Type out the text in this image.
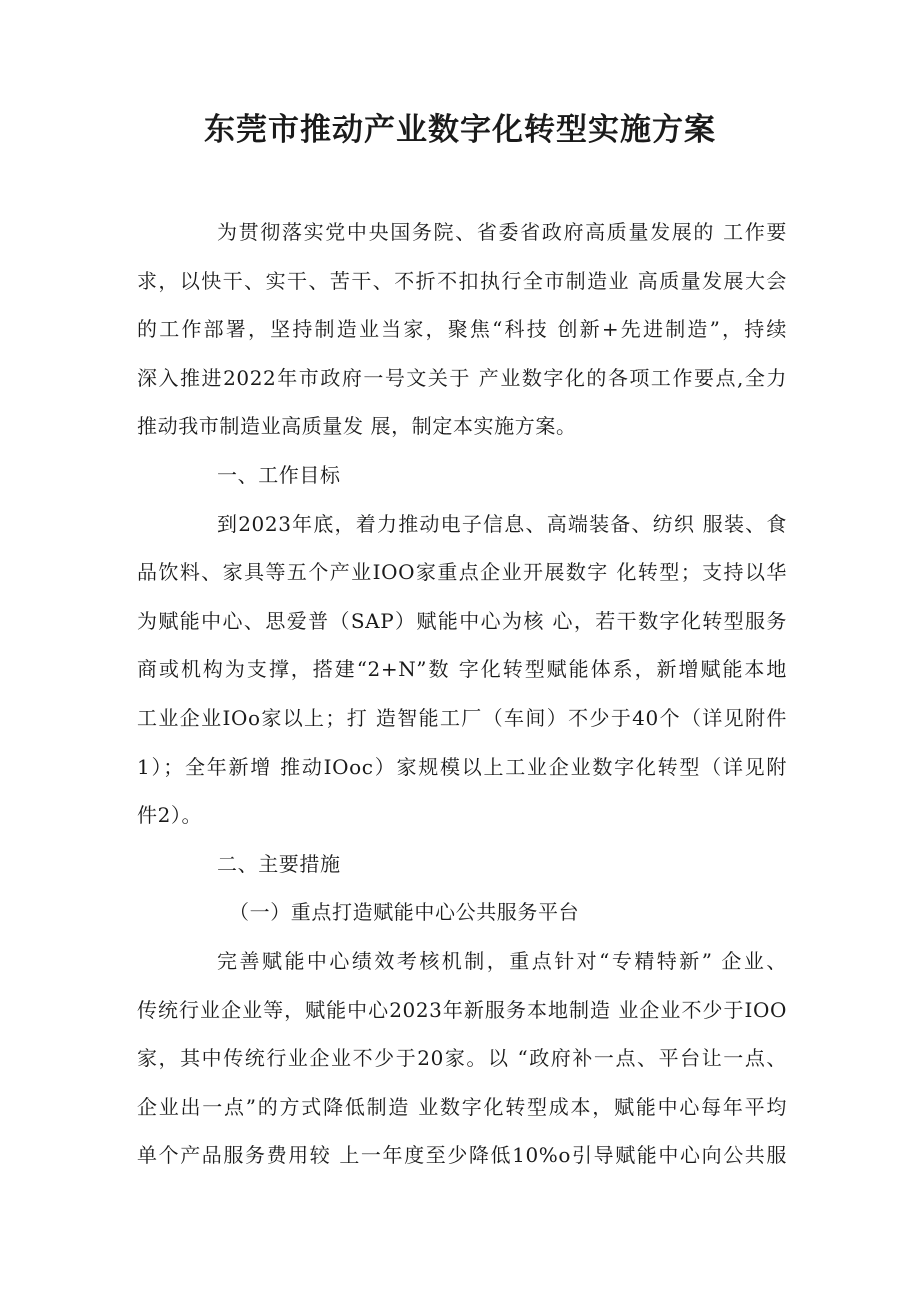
东莞市推动产业数字化转型实施方案

为贯彻落实党中央国务院、省委省政府高质量发展的 工作要

求，以快干、实干、苦干、不折不扣执行全市制造业 高质量发展大会

的工作部署，坚持制造业当家，聚焦“科技 创新+先进制造”，持续

深入推进2022年市政府一号文关于 产业数字化的各项工作要点,全力

推动我市制造业高质量发 展，制定本实施方案。

一、工作目标

到2023年底，着力推动电子信息、高端装备、纺织 服装、食

品饮料、家具等五个产业IOO家重点企业开展数字 化转型；支持以华

为赋能中心、思爱普（SAP）赋能中心为核 心，若干数字化转型服务

商或机构为支撑，搭建“2+N”数 字化转型赋能体系，新增赋能本地

工业企业IOo家以上；打 造智能工厂（车间）不少于40个（详见附件

1）；全年新增 推动IOoc）家规模以上工业企业数字化转型（详见附

件2）。

二、主要措施

（一）重点打造赋能中心公共服务平台

完善赋能中心绩效考核机制，重点针对“专精特新” 企业、

传统行业企业等，赋能中心2023年新服务本地制造 业企业不少于IOO

家，其中传统行业企业不少于20家。以 “政府补一点、平台让一点、

企业出一点”的方式降低制造 业数字化转型成本，赋能中心每年平均

单个产品服务费用较 上一年度至少降低10%o引导赋能中心向公共服
